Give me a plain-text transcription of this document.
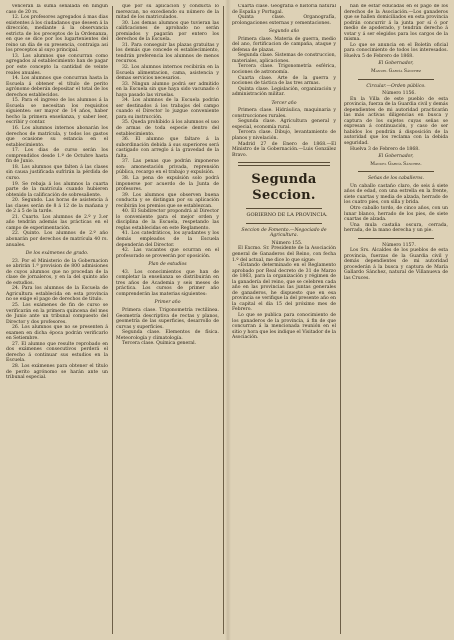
vencerán la suma señalada en ningun caso de 20 rs.

12. Los profesores agregados á mas dias existentes á los ciudadanos que deseen á la dirección, mediante á la observancia estricta de los preceptos de la Ordenanza, en que se dice por los lugartenientes del reino un dia de su presencia, contraiga asi los preceptos al suyo principal.

13. Los alumnos que concurran como agregados al establecimiento han de pagar por este concepto la cantidad de veinte reales anuales.

14. Los alumnos que concurran hasta la Escuela á obtener el título de perito agrónomo deberán depositar el total de los derechos establecidos.

15. Para el ingreso de los alumnos á la Escuela se necesitan los requisitos siguientes: ser mayor de 14 años, haber hecho la primera enseñanza, y saber leer, escribir y contar.

16. Los alumnos internos abonarán los derechos de matrícula, y todos los gastos que ocasione su estancia en el establecimiento.

17. Los dias de curso serán los comprendidos desde 1.º de Octubre hasta fin de Junio.

18. Los alumnos que falten á las clases sin causa justificada sufrirán la pérdida de curso.

19. Se rebaja á los alumnos la cuarta parte de la matrícula cuando hubieren obtenido la calificación de sobresaliente.

20. Segundo. Las horas de asistencia á las clases serán de 8 á 12 de la mañana y de 2 á 5 de la tarde.

21. Cuarto. Los alumnos de 2.º y 3.er año tendrán además las prácticas en el campo de experimentación.

22. Quinto. Los alumnos de 2.º año abonarán por derechos de matrícula 40 rs. anuales.

De los exámenes de grado.

23. Por el Ministerio de la Gobernacion se abrirán 1.ª provision de 800 admisiones de cuyos alumnos que no procedan de la clase de jornaleros, y en la del quinto año de estudios.

24. Para los alumnos de la Escuela de Agricultura establecida en esta provincia no se exige el pago de derechos de titulo.

25. Los exámenes de fin de curso se verificarán en la primera quincena del mes de Junio ante un tribunal compuesto del Director y dos profesores.

26. Los alumnos que no se presenten á examen en dicha época podrán verificarlo en Setiembre.

27. El alumno que resulte reprobado en dos exámenes consecutivos perderá el derecho á continuar sus estudios en la Escuela.

28. Los exámenes para obtener el título de perito agrónomo se harán ante un tribunal especial.

que por su aplicación y conducta lo merezcan, no excediendo su número de la mitad de los matriculados.

30. Los demas alumnos que tuvieran las calificaciones de aprobado no serán premiados y pagarán por entero los derechos de la Escuela.

31. Para conseguir las plazas gratuitas y los demás que concede el establecimiento, tendrán preferencia los alumnos de menos recursos.

32. Los alumnos internos recibirán en la Escuela alimentacion, cama, asistencia y demas servicios necesarios.

33. Ningun alumno podrá ser admitido en la Escuela sin que haya sido vacunado ó haya pasado las viruelas.

34. Los alumnos de la Escuela podrán ser destinados á los trabajos del campo cuando el Director lo juzgue conveniente para su instrucción.

35. Queda prohibido á los alumnos el uso de armas de toda especie dentro del establecimiento.

36. El alumno que faltare á la subordinación debida á sus superiores será castigado con arreglo á la gravedad de la falta.

37. Las penas que podrán imponerse son: amonestación privada, reprensión pública, recargo en el trabajo y expulsión.

38. La pena de expulsión solo podrá imponerse por acuerdo de la Junta de profesores.

39. Los alumnos que observen buena conducta y se distingan por su aplicación recibirán los premios que se establezcan.

40. El Subdirector propondrá al Director lo conveniente para el mejor orden y disciplina de la Escuela, respetando las reglas establecidas en este Reglamento.

41. Los catedráticos, los ayudantes y los demás empleados de la Escuela dependerán del Director.

42. Las vacantes que ocurran en el profesorado se proveerán por oposición.

Plan de estudios

43. Los conocimientos que han de completar la enseñanza se distribuirán en tres años de Academia y seis meses de práctica. Los cursos de primer año comprenderán las materias siguientes:

Primer año

Primera clase. Trigonometría rectilínea. Geometría descriptiva de rectas y planos, geometría de las superficies, desarrollo de curvas y superficies.

Segunda clase. Elementos de física. Meteorología y climatología.

Tercera clase. Química general.

Cuarta clase. Geografía é historia natural de España y Portugal.

Quinta clase. Organografía, prolongaciones externas y cementaciones.

Segundo año

Primera clase. Materia de guerra, medio del ano, fortificacion de campaña, ataque y defensa de plazas.

Segunda clase. Sistemas de construccion, materiales, aplicaciones.

Tercera clase. Trigonometría esférica, nociones de astronomía.

Cuarta clase. Arte de la guerra y nociones de táctica de las tres armas.

Quinta clase. Legislación, organización y administración militar.

Tercer año

Primera clase. Hidráulica, maquinaria y construcciones rurales.

Segunda clase. Agricultura general y especial, economía rural.

Tercera clase. Dibujo, levantamiento de planos y nivelación.

Madrid 27 de Enero de 1868.—El Ministro de la Gobernación.—Luis González Bravo.

Segunda Seccion.

GOBIERNO DE LA PROVINCIA.

Seccion de Fomento.—Negociado de Agricultura.

Número 155.

El Excmo. Sr. Presidente de la Asociación general de Ganaderos del Reino, con fecha 1.º del actual, me dice lo que sigue:

«Estando determinado en el Reglamento aprobado por Real decreto de 31 de Marzo de 1863, para la organización y régimen de la ganadería del reino, que se celebren cada año en las provincias las juntas generales de ganaderos, he dispuesto que en esa provincia se verifique la del presente año en la capital el día 15 del próximo mes de Febrero.

Lo que se publica para conocimiento de los ganaderos de la provincia, á fin de que concurran á la mencionada reunión en el sitio y hora que les indique el Visitador de la Asociación.

han de estar educadas en el pago de los derechos de la Asociación.—Los ganaderos que se hallen domiciliados en esta provincia podrán concurrir á la junta por sí ó por medio de apoderado, y tendrán derecho á votar y á ser elegidos para los cargos de la misma.

Lo que se anuncia en el Boletín oficial para conocimiento de todos los interesados. Huelva 5 de Febrero de 1868.

El Gobernador,

Manuel García Sánchez

Circular.—Orden público.

Número 1156.

En la Villa de este pueblo de esta provincia, fuerza de la Guardia civil y demás dependientes de mi autoridad practicarán las más activas diligencias en busca y captura de los sujetos cuyas señas se expresan á continuación, y caso de ser habidos los pondrán á disposición de la autoridad que los reclama con la debida seguridad.

Huelva 3 de Febrero de 1868.

El Gobernador,

Manuel García Sánchez.

Señas de los caballeros.

Un caballo castaño claro, de seis á siete años de edad, con una estrella en la frente, siete cuartas y media de alzada, herrado de los cuatro pies, con silla y brida.

Otro caballo tordo, de cinco años, con un lunar blanco, herrado de los pies, de siete cuartas de alzada.

Una mula castaña oscura, cerrada, herrada, de la mano derecha y un pie.

Número 1157.

Los Srs. Alcaldes de los pueblos de esta provincia, fuerzas de la Guardia civil y demás dependientes de mi autoridad procederán á la busca y captura de María Gallardo Sánchez, natural de Villanueva de las Cruces.
